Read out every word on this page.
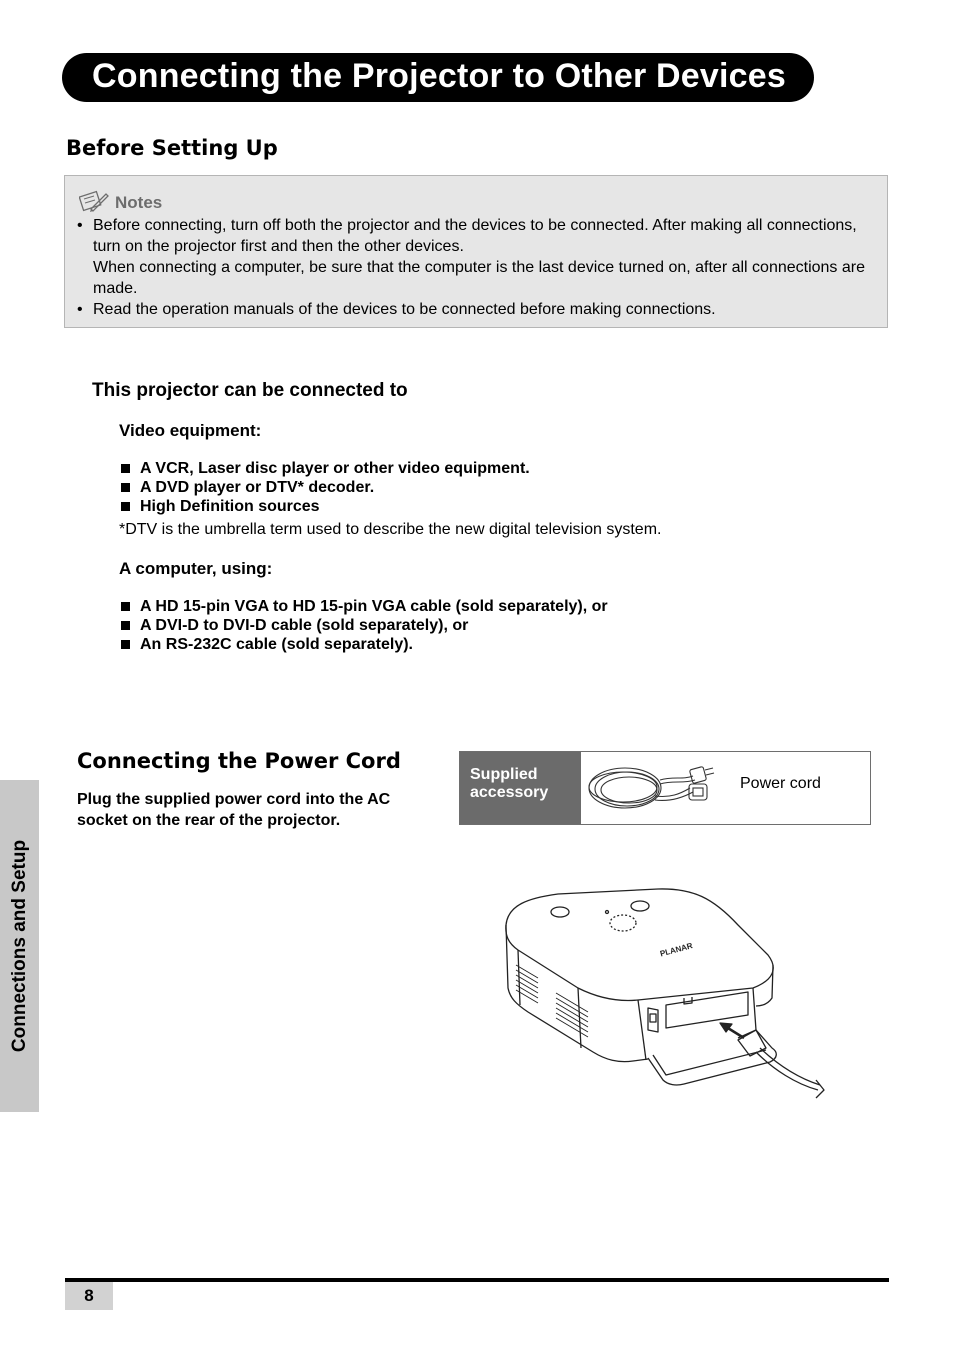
Connecting the Projector to Other Devices
Before Setting Up
Notes
• Before connecting, turn off both the projector and the devices to be connected. After making all connections, turn on the projector first and then the other devices.
When connecting a computer, be sure that the computer is the last device turned on, after all connections are made.
• Read the operation manuals of the devices to be connected before making connections.
This projector can be connected to
Video equipment:
A VCR, Laser disc player or other video equipment.
A DVD player or DTV* decoder.
High Definition sources
*DTV is the umbrella term used to describe the new digital television system.
A computer, using:
A HD 15-pin VGA to HD 15-pin VGA cable (sold separately), or
A DVI-D to DVI-D cable (sold separately), or
An RS-232C cable (sold separately).
Connections and Setup
Connecting the Power Cord
Plug the supplied power cord into the AC socket on the rear of the projector.
Supplied
accessory
Power cord
PLANAR
8
